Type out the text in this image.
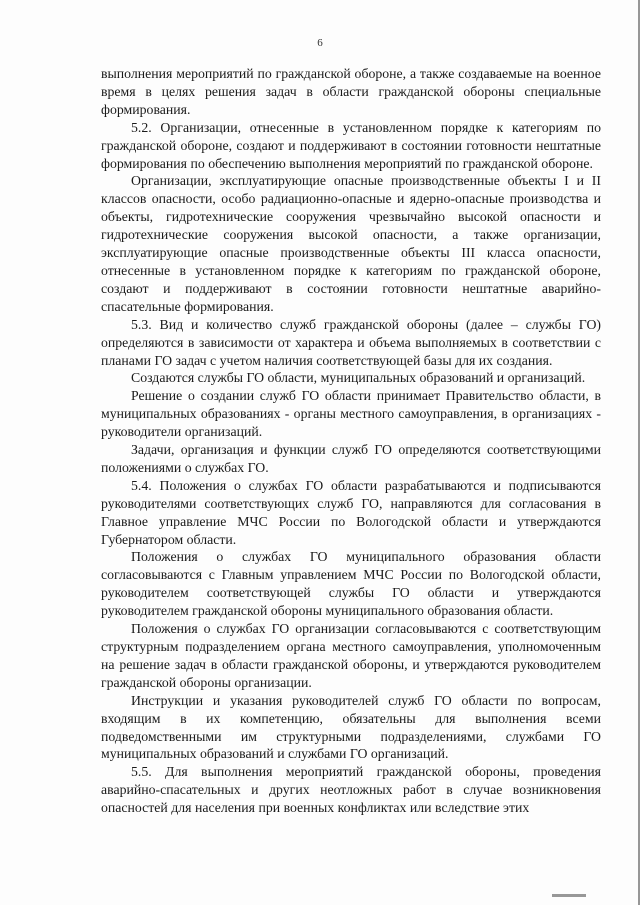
6

выполнения мероприятий по гражданской обороне, а также создаваемые на военное время в целях решения задач в области гражданской обороны специальные формирования.

5.2. Организации, отнесенные в установленном порядке к категориям по гражданской обороне, создают и поддерживают в состоянии готовности нештатные формирования по обеспечению выполнения мероприятий по гражданской обороне.

Организации, эксплуатирующие опасные производственные объекты I и II классов опасности, особо радиационно-опасные и ядерно-опасные производства и объекты, гидротехнические сооружения чрезвычайно высокой опасности и гидротехнические сооружения высокой опасности, а также организации, эксплуатирующие опасные производственные объекты III класса опасности, отнесенные в установленном порядке к категориям по гражданской обороне, создают и поддерживают в состоянии готовности нештатные аварийно-спасательные формирования.

5.3. Вид и количество служб гражданской обороны (далее – службы ГО) определяются в зависимости от характера и объема выполняемых в соответствии с планами ГО задач с учетом наличия соответствующей базы для их создания.

Создаются службы ГО области, муниципальных образований и организаций.

Решение о создании служб ГО области принимает Правительство области, в муниципальных образованиях - органы местного самоуправления, в организациях - руководители организаций.

Задачи, организация и функции служб ГО определяются соответствующими положениями о службах ГО.

5.4. Положения о службах ГО области разрабатываются и подписываются руководителями соответствующих служб ГО, направляются для согласования в Главное управление МЧС России по Вологодской области и утверждаются Губернатором области.

Положения о службах ГО муниципального образования области согласовываются с Главным управлением МЧС России по Вологодской области, руководителем соответствующей службы ГО области и утверждаются руководителем гражданской обороны муниципального образования области.

Положения о службах ГО организации согласовываются с соответствующим структурным подразделением органа местного самоуправления, уполномоченным на решение задач в области гражданской обороны, и утверждаются руководителем гражданской обороны организации.

Инструкции и указания руководителей служб ГО области по вопросам, входящим в их компетенцию, обязательны для выполнения всеми подведомственными им структурными подразделениями, службами ГО муниципальных образований и службами ГО организаций.

5.5. Для выполнения мероприятий гражданской обороны, проведения аварийно-спасательных и других неотложных работ в случае возникновения опасностей для населения при военных конфликтах или вследствие этих
